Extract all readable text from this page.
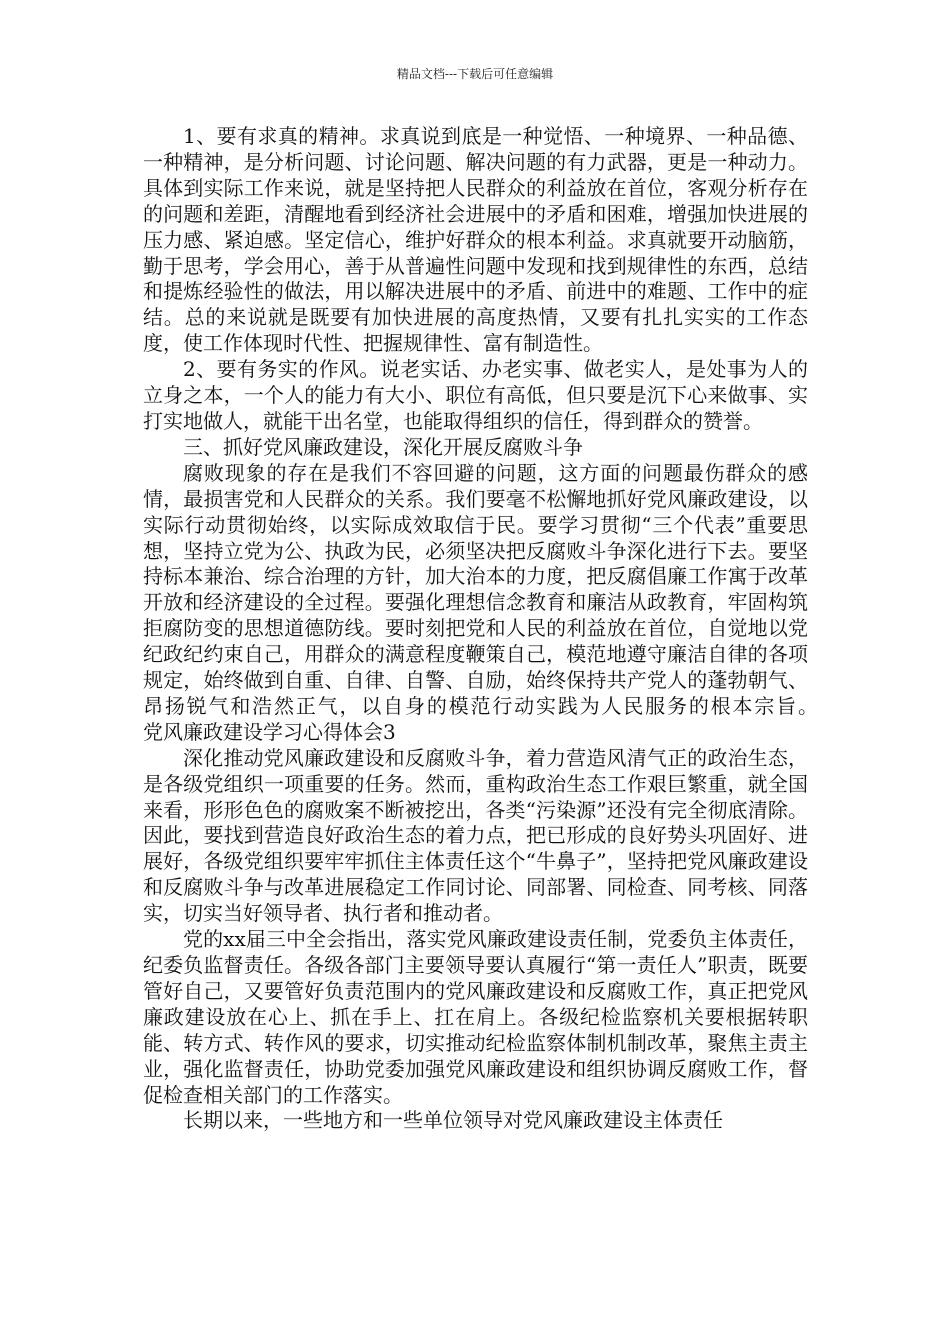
精品文档---下载后可任意编辑

1、要有求真的精神。求真说到底是一种觉悟、一种境界、一种品德、一种精神，是分析问题、讨论问题、解决问题的有力武器，更是一种动力。具体到实际工作来说，就是坚持把人民群众的利益放在首位，客观分析存在的问题和差距，清醒地看到经济社会进展中的矛盾和困难，增强加快进展的压力感、紧迫感。坚定信心，维护好群众的根本利益。求真就要开动脑筋，勤于思考，学会用心，善于从普遍性问题中发现和找到规律性的东西，总结和提炼经验性的做法，用以解决进展中的矛盾、前进中的难题、工作中的症结。总的来说就是既要有加快进展的高度热情，又要有扎扎实实的工作态度，使工作体现时代性、把握规律性、富有制造性。

2、要有务实的作风。说老实话、办老实事、做老实人，是处事为人的立身之本，一个人的能力有大小、职位有高低，但只要是沉下心来做事、实打实地做人，就能干出名堂，也能取得组织的信任，得到群众的赞誉。

三、抓好党风廉政建设，深化开展反腐败斗争

腐败现象的存在是我们不容回避的问题，这方面的问题最伤群众的感情，最损害党和人民群众的关系。我们要毫不松懈地抓好党风廉政建设，以实际行动贯彻始终，以实际成效取信于民。要学习贯彻“三个代表”重要思想，坚持立党为公、执政为民，必须坚决把反腐败斗争深化进行下去。要坚持标本兼治、综合治理的方针，加大治本的力度，把反腐倡廉工作寓于改革开放和经济建设的全过程。要强化理想信念教育和廉洁从政教育，牢固构筑拒腐防变的思想道德防线。要时刻把党和人民的利益放在首位，自觉地以党纪政纪约束自己，用群众的满意程度鞭策自己，模范地遵守廉洁自律的各项规定，始终做到自重、自律、自警、自励，始终保持共产党人的蓬勃朝气、昂扬锐气和浩然正气，以自身的模范行动实践为人民服务的根本宗旨。　　党风廉政建设学习心得体会3

深化推动党风廉政建设和反腐败斗争，着力营造风清气正的政治生态，是各级党组织一项重要的任务。然而，重构政治生态工作艰巨繁重，就全国来看，形形色色的腐败案不断被挖出，各类“污染源”还没有完全彻底清除。因此，要找到营造良好政治生态的着力点，把已形成的良好势头巩固好、进展好，各级党组织要牢牢抓住主体责任这个“牛鼻子”，坚持把党风廉政建设和反腐败斗争与改革进展稳定工作同讨论、同部署、同检查、同考核、同落实，切实当好领导者、执行者和推动者。

党的xx届三中全会指出，落实党风廉政建设责任制，党委负主体责任，纪委负监督责任。各级各部门主要领导要认真履行“第一责任人”职责，既要管好自己，又要管好负责范围内的党风廉政建设和反腐败工作，真正把党风廉政建设放在心上、抓在手上、扛在肩上。各级纪检监察机关要根据转职能、转方式、转作风的要求，切实推动纪检监察体制机制改革，聚焦主责主业，强化监督责任，协助党委加强党风廉政建设和组织协调反腐败工作，督促检查相关部门的工作落实。

长期以来，一些地方和一些单位领导对党风廉政建设主体责任
